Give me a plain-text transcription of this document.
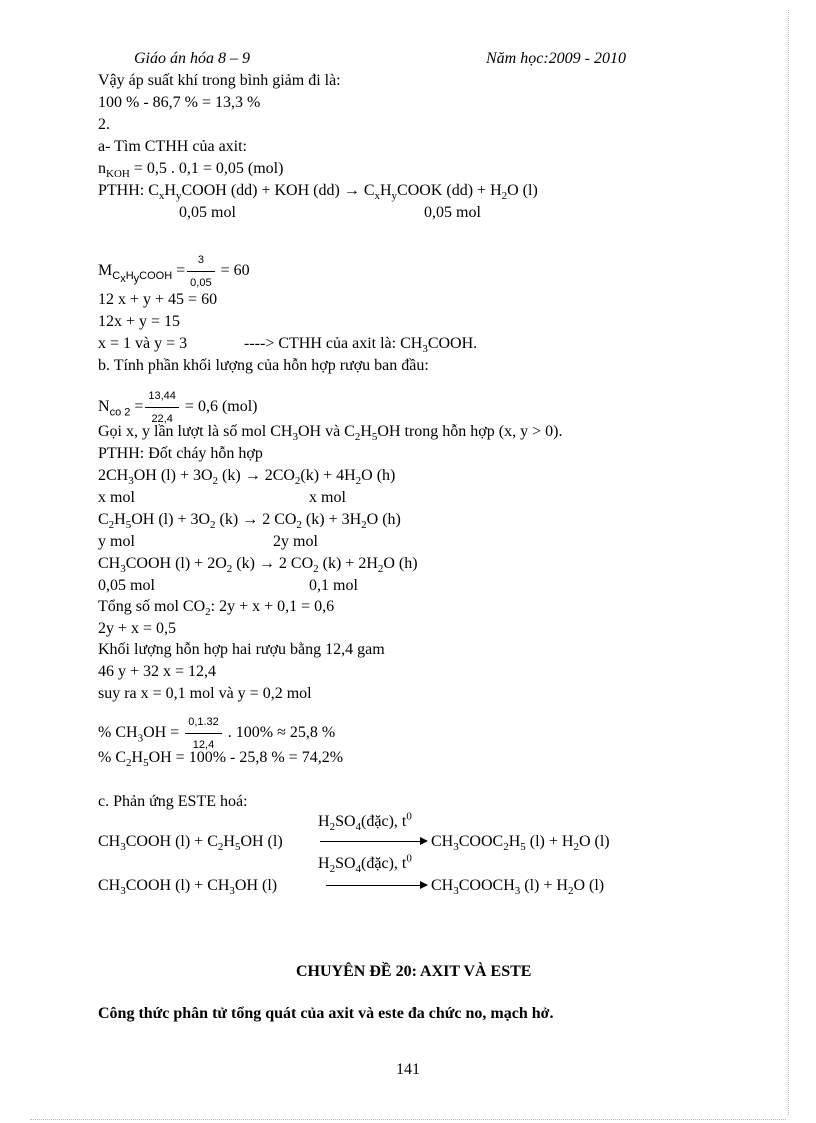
Giáo án hóa 8 – 9	Năm học:2009 - 2010
Vậy áp suất khí trong bình giảm đi là:
100 % - 86,7 % = 13,3 %
2.
a- Tìm CTHH của axit:
$n_{KOH} = 0,5$ . 0,1 = 0,05 (mol)
PTHH: $C_xH_yCOOH$ (dd) + KOH $(dd) \to C_xH_yCOOK$ $(dd) + H_2O$ (l)
0,05 mol	0,05 mol
$M_{C_xH_yCOOH} = \frac{3}{0,05} = 60$
12 x + y + 45 = 60
12x + y = 15
x = 1 và y = 3	----> CTHH của axit là: $CH_3COOH$.
b. Tính phần khối lượng của hỗn hợp rượu ban đầu:
$N_{co 2} = \frac{13,44}{22,4} = 0,6$ (mol)
Gọi x, y lần lượt là số mol $CH_3OH$ và $C_2H_5OH$ trong hỗn hợp (x, y > 0).
PTHH: Đốt cháy hỗn hợp
$2CH_3OH$ $(l) + 3O_2$ $(k) \to 2CO_2(k) + 4H_2O$ (h)
x mol	x mol
$C_2H_5OH$ $(l) + 3O_2$ (k) → 2 $CO_2$ $(k) + 3H_2O$ (h)
y mol	2y mol
$CH_3COOH$ $(l) + 2O_2$ (k) → 2 $CO_2$ $(k) + 2H_2O$ (h)
0,05 mol	0,1 mol
Tổng số mol $CO_2$: 2y + x + 0,1 = 0,6
2y + x = 0,5
Khối lượng hỗn hợp hai rượu bằng 12,4 gam
46 y + 32 x = 12,4
suy ra x = 0,1 mol và y = 0,2 mol
% $CH_3OH = \frac{0,1.32}{12,4}$ . 100% ≈ 25,8 %
% $C_2H_5OH = 100\% - 25,8$ % = 74,2%
c. Phản ứng ESTE hoá:
$H_2SO_4(đặc)$, $t^0$
$CH_3COOH$ $(l) + C_2H_5OH$ (l)	$CH_3COOC_2H_5$ $(l) + H_2O$ (l)
$H_2SO_4(đặc)$, $t^0$
$CH_3COOH$ $(l) + CH_3OH$ (l)	$CH_3COOCH_3$ $(l) + H_2O$ (l)
CHUYÊN ĐỀ 20: AXIT VÀ ESTE
Công thức phân tử tổng quát của axit và este đa chức no, mạch hở.
141
